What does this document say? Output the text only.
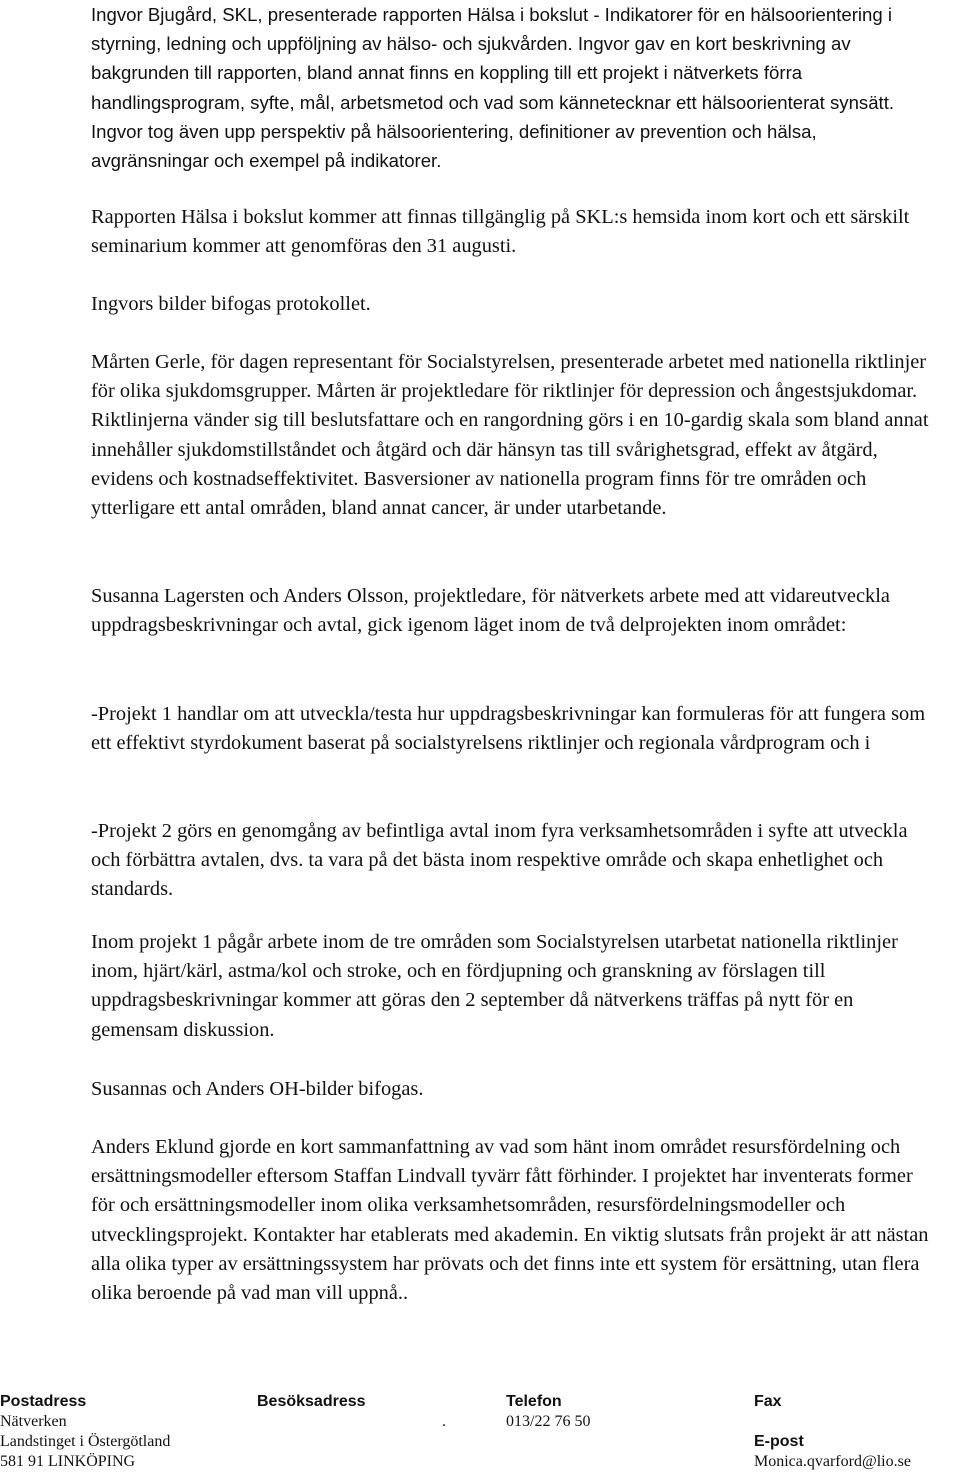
Ingvor Bjugård, SKL, presenterade rapporten Hälsa i bokslut - Indikatorer för en hälsoorientering i styrning, ledning och uppföljning av hälso- och sjukvården. Ingvor gav en kort beskrivning av bakgrunden till rapporten, bland annat finns en koppling till ett projekt i nätverkets förra handlingsprogram, syfte, mål, arbetsmetod och vad som kännetecknar ett hälsoorienterat synsätt. Ingvor tog även upp perspektiv på hälsoorientering, definitioner av prevention och hälsa, avgränsningar och exempel på indikatorer.

Rapporten Hälsa i bokslut kommer att finnas tillgänglig på SKL:s hemsida inom kort och ett särskilt seminarium kommer att genomföras den 31 augusti.

Ingvors bilder bifogas protokollet.

Mårten Gerle, för dagen representant för Socialstyrelsen, presenterade arbetet med nationella riktlinjer för olika sjukdomsgrupper. Mårten är projektledare för riktlinjer för depression och ångestsjukdomar. Riktlinjerna vänder sig till beslutsfattare och en rangordning görs i en 10-gardig skala som bland annat innehåller sjukdomstillståndet och åtgärd och där hänsyn tas till svårighetsgrad, effekt av åtgärd, evidens och kostnadseffektivitet. Basversioner av nationella program finns för tre områden och ytterligare ett antal områden, bland annat cancer, är under utarbetande.

Susanna Lagersten och Anders Olsson, projektledare, för nätverkets arbete med att vidareutveckla uppdragsbeskrivningar och avtal, gick igenom läget inom de två delprojekten inom området:

-Projekt 1 handlar om att utveckla/testa hur uppdragsbeskrivningar kan formuleras för att fungera som ett effektivt styrdokument baserat på socialstyrelsens riktlinjer och regionala vårdprogram och i

-Projekt 2 görs en genomgång av befintliga avtal inom fyra verksamhetsområden i syfte att utveckla och förbättra avtalen, dvs. ta vara på det bästa inom respektive område och skapa enhetlighet och standards.

Inom projekt 1 pågår arbete inom de tre områden som Socialstyrelsen utarbetat nationella riktlinjer inom, hjärt/kärl, astma/kol och stroke, och en fördjupning och granskning av förslagen till uppdragsbeskrivningar kommer att göras den 2 september då nätverkens träffas på nytt för en gemensam diskussion.

Susannas och Anders OH-bilder bifogas.

Anders Eklund gjorde en kort sammanfattning av vad som hänt inom området resursfördelning och ersättningsmodeller eftersom Staffan Lindvall tyvärr fått förhinder. I projektet har inventerats former för och ersättningsmodeller inom olika verksamhetsområden, resursfördelningsmodeller och utvecklingsprojekt. Kontakter har etablerats med akademin. En viktig slutsats från projekt är att nästan alla olika typer av ersättningssystem har prövats och det finns inte ett system för ersättning, utan flera olika beroende på vad man vill uppnå..

Postadress
Nätverken
Landstinget i Östergötland
581 91 LINKÖPING
Besöksadress
.
Telefon
013/22 76 50
Fax
E-post
Monica.qvarford@lio.se
